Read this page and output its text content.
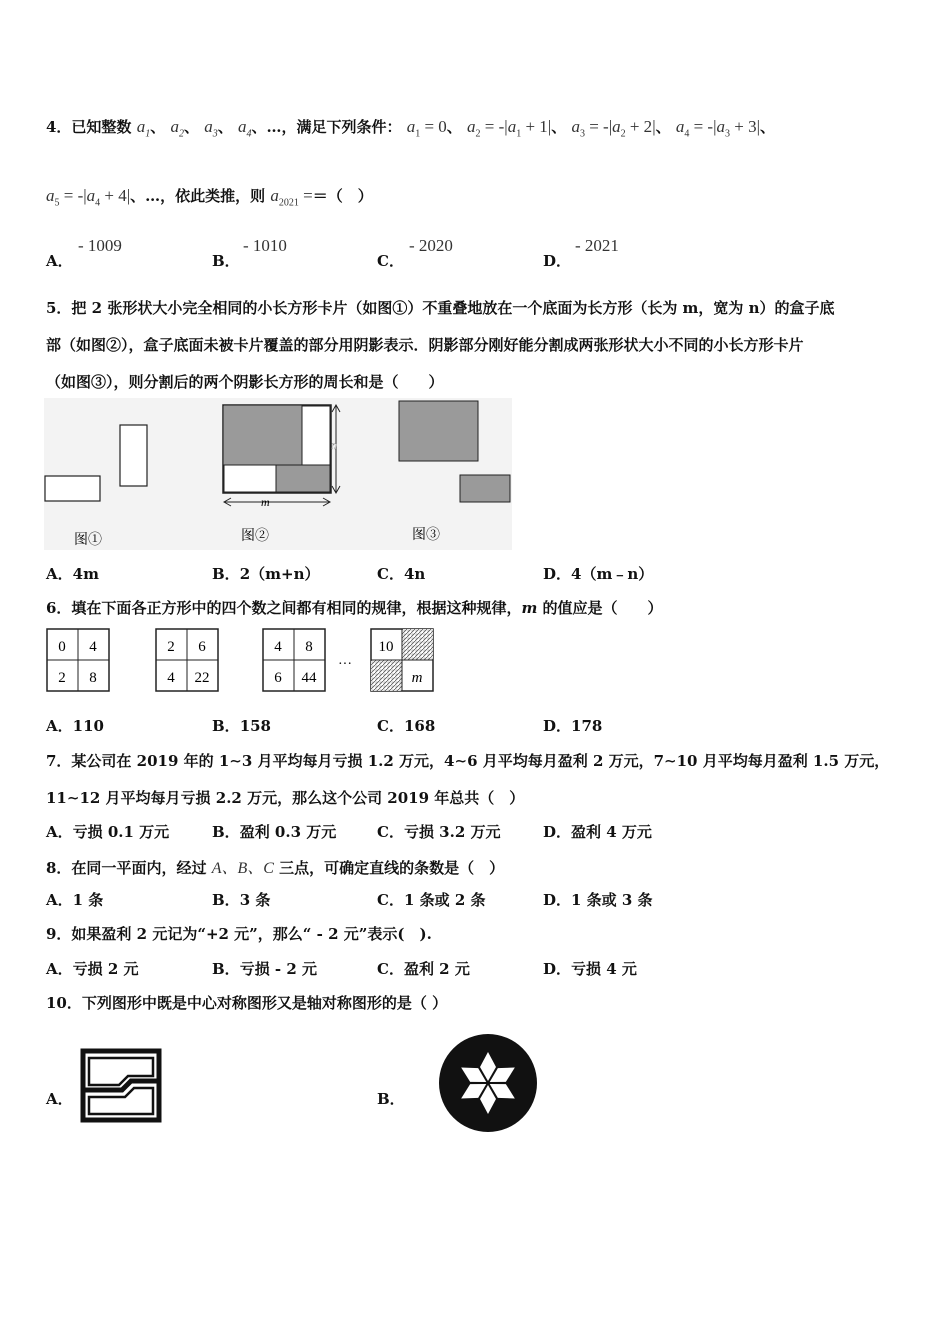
4．已知整数 $a_1$、 $a_2$、 $a_3$、 $a_4$、…，满足下列条件： $a_1 = 0$、 $a_2 = -|a_1 + 1|$、 $a_3 = -|a_2 + 2|$、 $a_4 = -|a_3 + 3|$、
$a_5 = -|a_4 + 4|$、…，依此类推，则 $a_{2021}$ =＝（　）
A．
- 1009
B．
- 1010
C．
- 2020
D．
- 2021
5．把 2 张形状大小完全相同的小长方形卡片（如图①）不重叠地放在一个底面为长方形（长为 m，宽为 n）的盒子底
部（如图②），盒子底面未被卡片覆盖的部分用阴影表示．阴影部分刚好能分割成两张形状大小不同的小长方形卡片
（如图③），则分割后的两个阴影长方形的周长和是（　　）
图①
n
m
图②	图③
A．4m	B．2（m+n）	C．4n	D．4（m﹣n）
6．填在下面各正方形中的四个数之间都有相同的规律，根据这种规律，m 的值应是（　　）
0 4
2 8
2 6
4 22
4 8
6 44
···
10
m
A．110	B．158	C．168	D．178
7．某公司在 2019 年的 1∼3 月平均每月亏损 1.2 万元，4∼6 月平均每月盈利 2 万元，7∼10 月平均每月盈利 1.5 万元，
11∼12 月平均每月亏损 2.2 万元，那么这个公司 2019 年总共（　）
A．亏损 0.1 万元	B．盈利 0.3 万元	C．亏损 3.2 万元	D．盈利 4 万元
8．在同一平面内，经过 A、B、C 三点，可确定直线的条数是（　）
A．1 条	B．3 条	C．1 条或 2 条	D．1 条或 3 条
9．如果盈利 2 元记为“+2 元”，那么“ - 2 元”表示(　).
A．亏损 2 元	B．亏损 - 2 元	C．盈利 2 元	D．亏损 4 元
10．下列图形中既是中心对称图形又是轴对称图形的是（ ）
A．	B．
